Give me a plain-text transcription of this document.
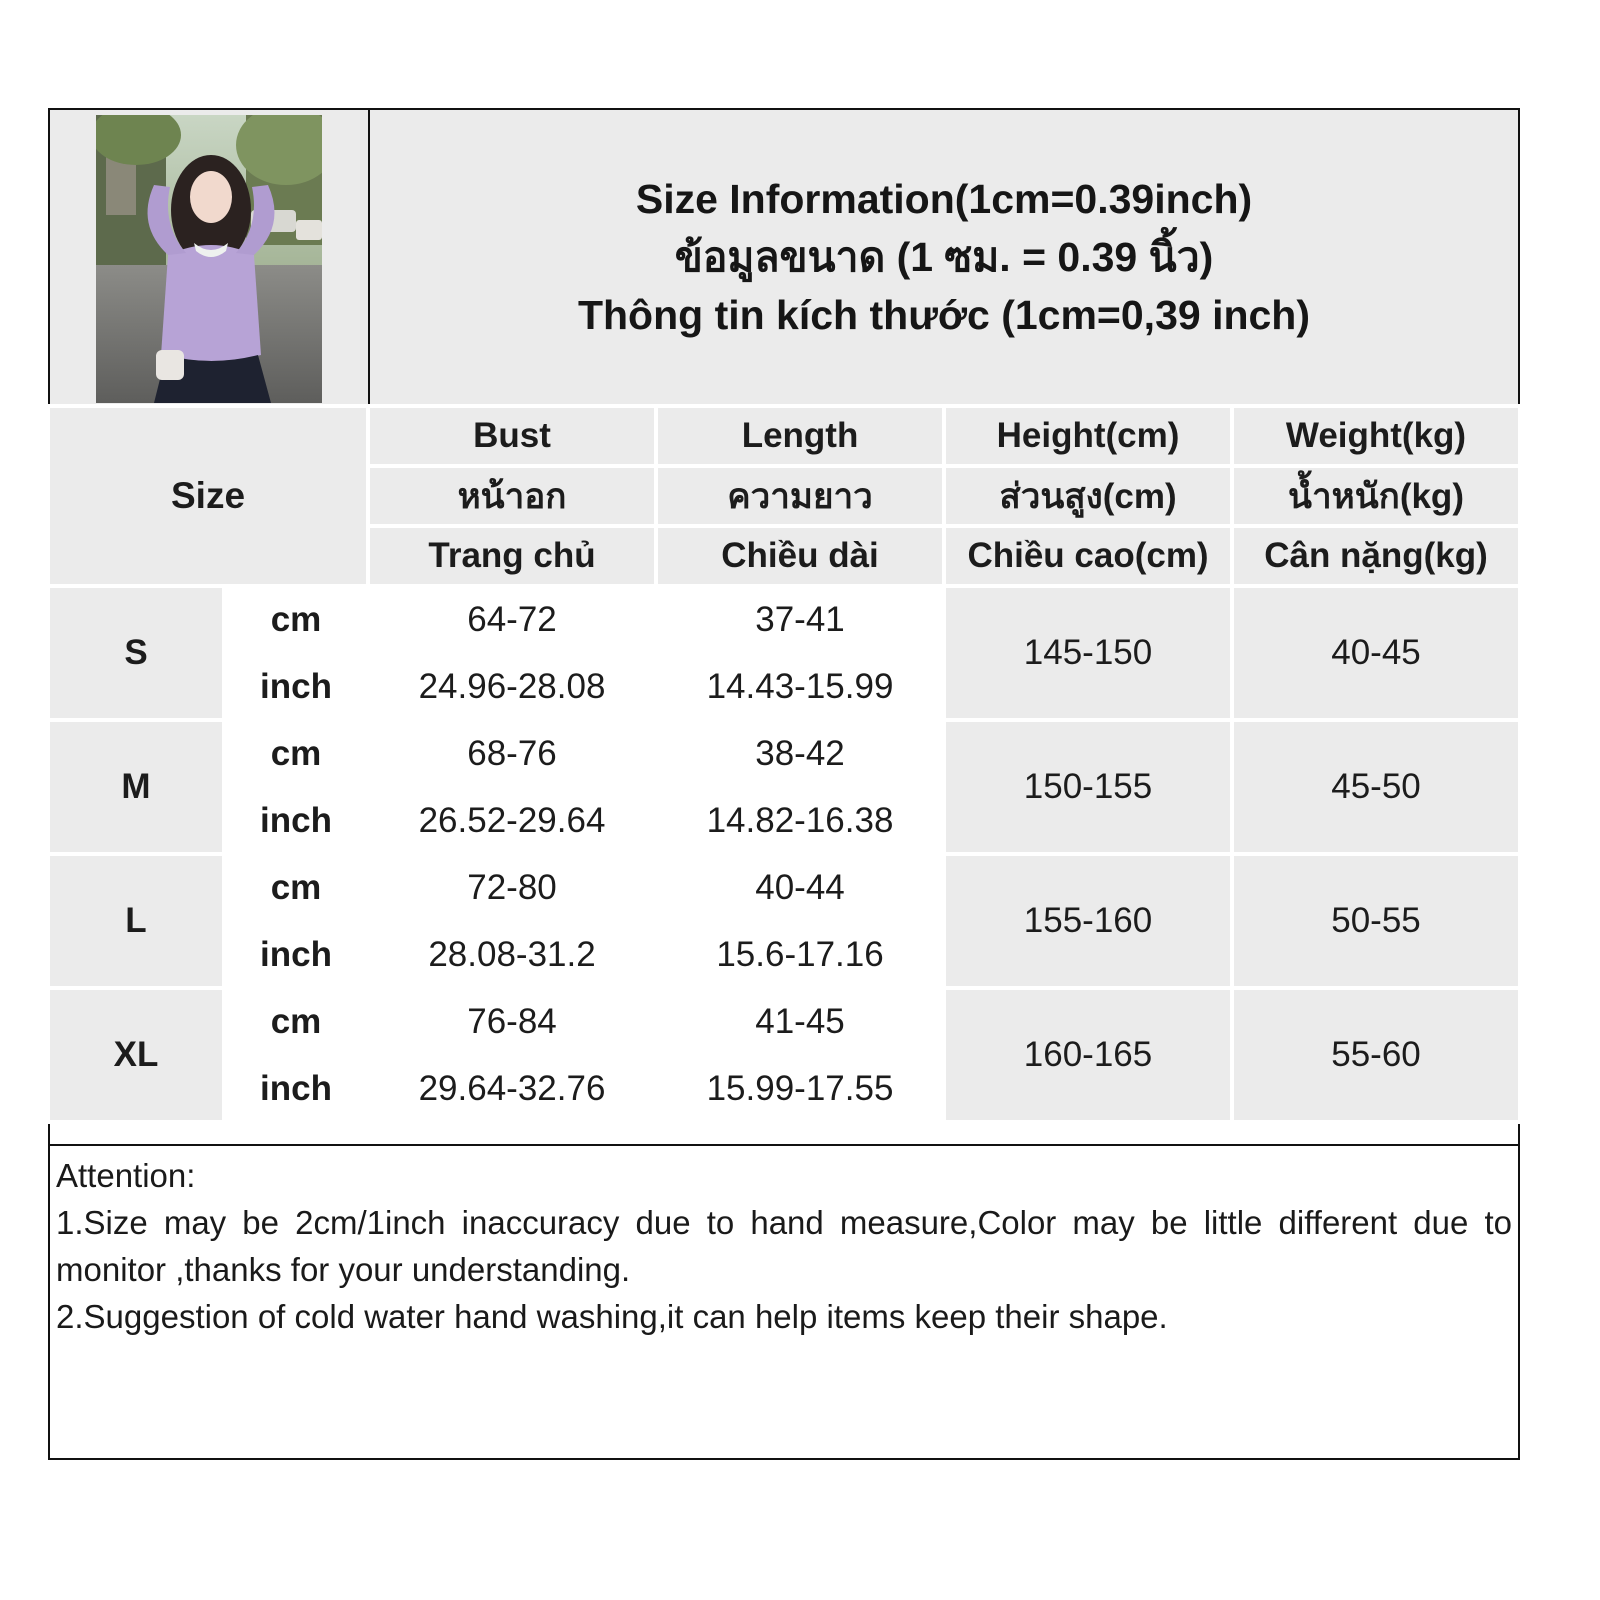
Size Information(1cm=0.39inch)
ข้อมูลขนาด (1 ซม. = 0.39 นิ้ว)
Thông tin kích thước (1cm=0,39 inch)
Size		Bust	Length	Height(cm)	Weight(kg)
		หน้าอก	ความยาว	ส่วนสูง(cm)	น้ำหนัก(kg)
		Trang chủ	Chiều dài	Chiều cao(cm)	Cân nặng(kg)
S	cm	64-72	37-41	145-150	40-45
	inch	24.96-28.08	14.43-15.99		
M	cm	68-76	38-42	150-155	45-50
	inch	26.52-29.64	14.82-16.38		
L	cm	72-80	40-44	155-160	50-55
	inch	28.08-31.2	15.6-17.16		
XL	cm	76-84	41-45	160-165	55-60
	inch	29.64-32.76	15.99-17.55		

Attention:

1.Size may be 2cm/1inch inaccuracy due to hand measure,Color may be little different due to monitor ,thanks for your understanding.

2.Suggestion of cold water hand washing,it can help items keep their shape.
